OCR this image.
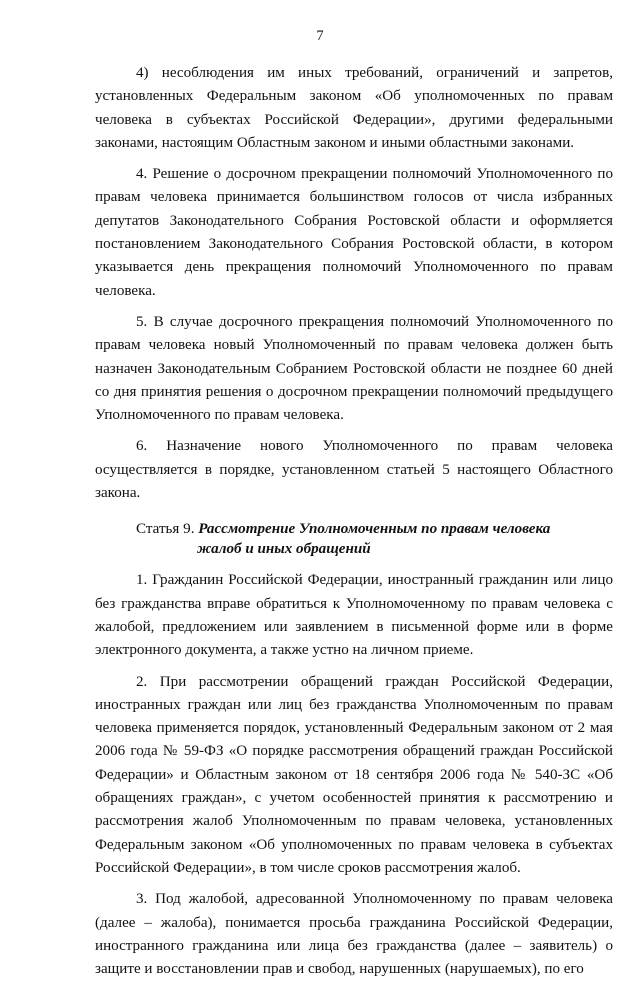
7

4) несоблюдения им иных требований, ограничений и запретов, установленных Федеральным законом «Об уполномоченных по правам человека в субъектах Российской Федерации», другими федеральными законами, настоящим Областным законом и иными областными законами.

4. Решение о досрочном прекращении полномочий Уполномоченного по правам человека принимается большинством голосов от числа избранных депутатов Законодательного Собрания Ростовской области и оформляется постановлением Законодательного Собрания Ростовской области, в котором указывается день прекращения полномочий Уполномоченного по правам человека.

5. В случае досрочного прекращения полномочий Уполномоченного по правам человека новый Уполномоченный по правам человека должен быть назначен Законодательным Собранием Ростовской области не позднее 60 дней со дня принятия решения о досрочном прекращении полномочий предыдущего Уполномоченного по правам человека.

6. Назначение нового Уполномоченного по правам человека осуществляется в порядке, установленном статьей 5 настоящего Областного закона.

Статья 9. Рассмотрение Уполномоченным по правам человека
жалоб и иных обращений

1. Гражданин Российской Федерации, иностранный гражданин или лицо без гражданства вправе обратиться к Уполномоченному по правам человека с жалобой, предложением или заявлением в письменной форме или в форме электронного документа, а также устно на личном приеме.

2. При рассмотрении обращений граждан Российской Федерации, иностранных граждан или лиц без гражданства Уполномоченным по правам человека применяется порядок, установленный Федеральным законом от 2 мая 2006 года № 59-ФЗ «О порядке рассмотрения обращений граждан Российской Федерации» и Областным законом от 18 сентября 2006 года № 540-ЗС «Об обращениях граждан», с учетом особенностей принятия к рассмотрению и рассмотрения жалоб Уполномоченным по правам человека, установленных Федеральным законом «Об уполномоченных по правам человека в субъектах Российской Федерации», в том числе сроков рассмотрения жалоб.

3. Под жалобой, адресованной Уполномоченному по правам человека (далее – жалоба), понимается просьба гражданина Российской Федерации, иностранного гражданина или лица без гражданства (далее – заявитель) о защите и восстановлении прав и свобод, нарушенных (нарушаемых), по его
